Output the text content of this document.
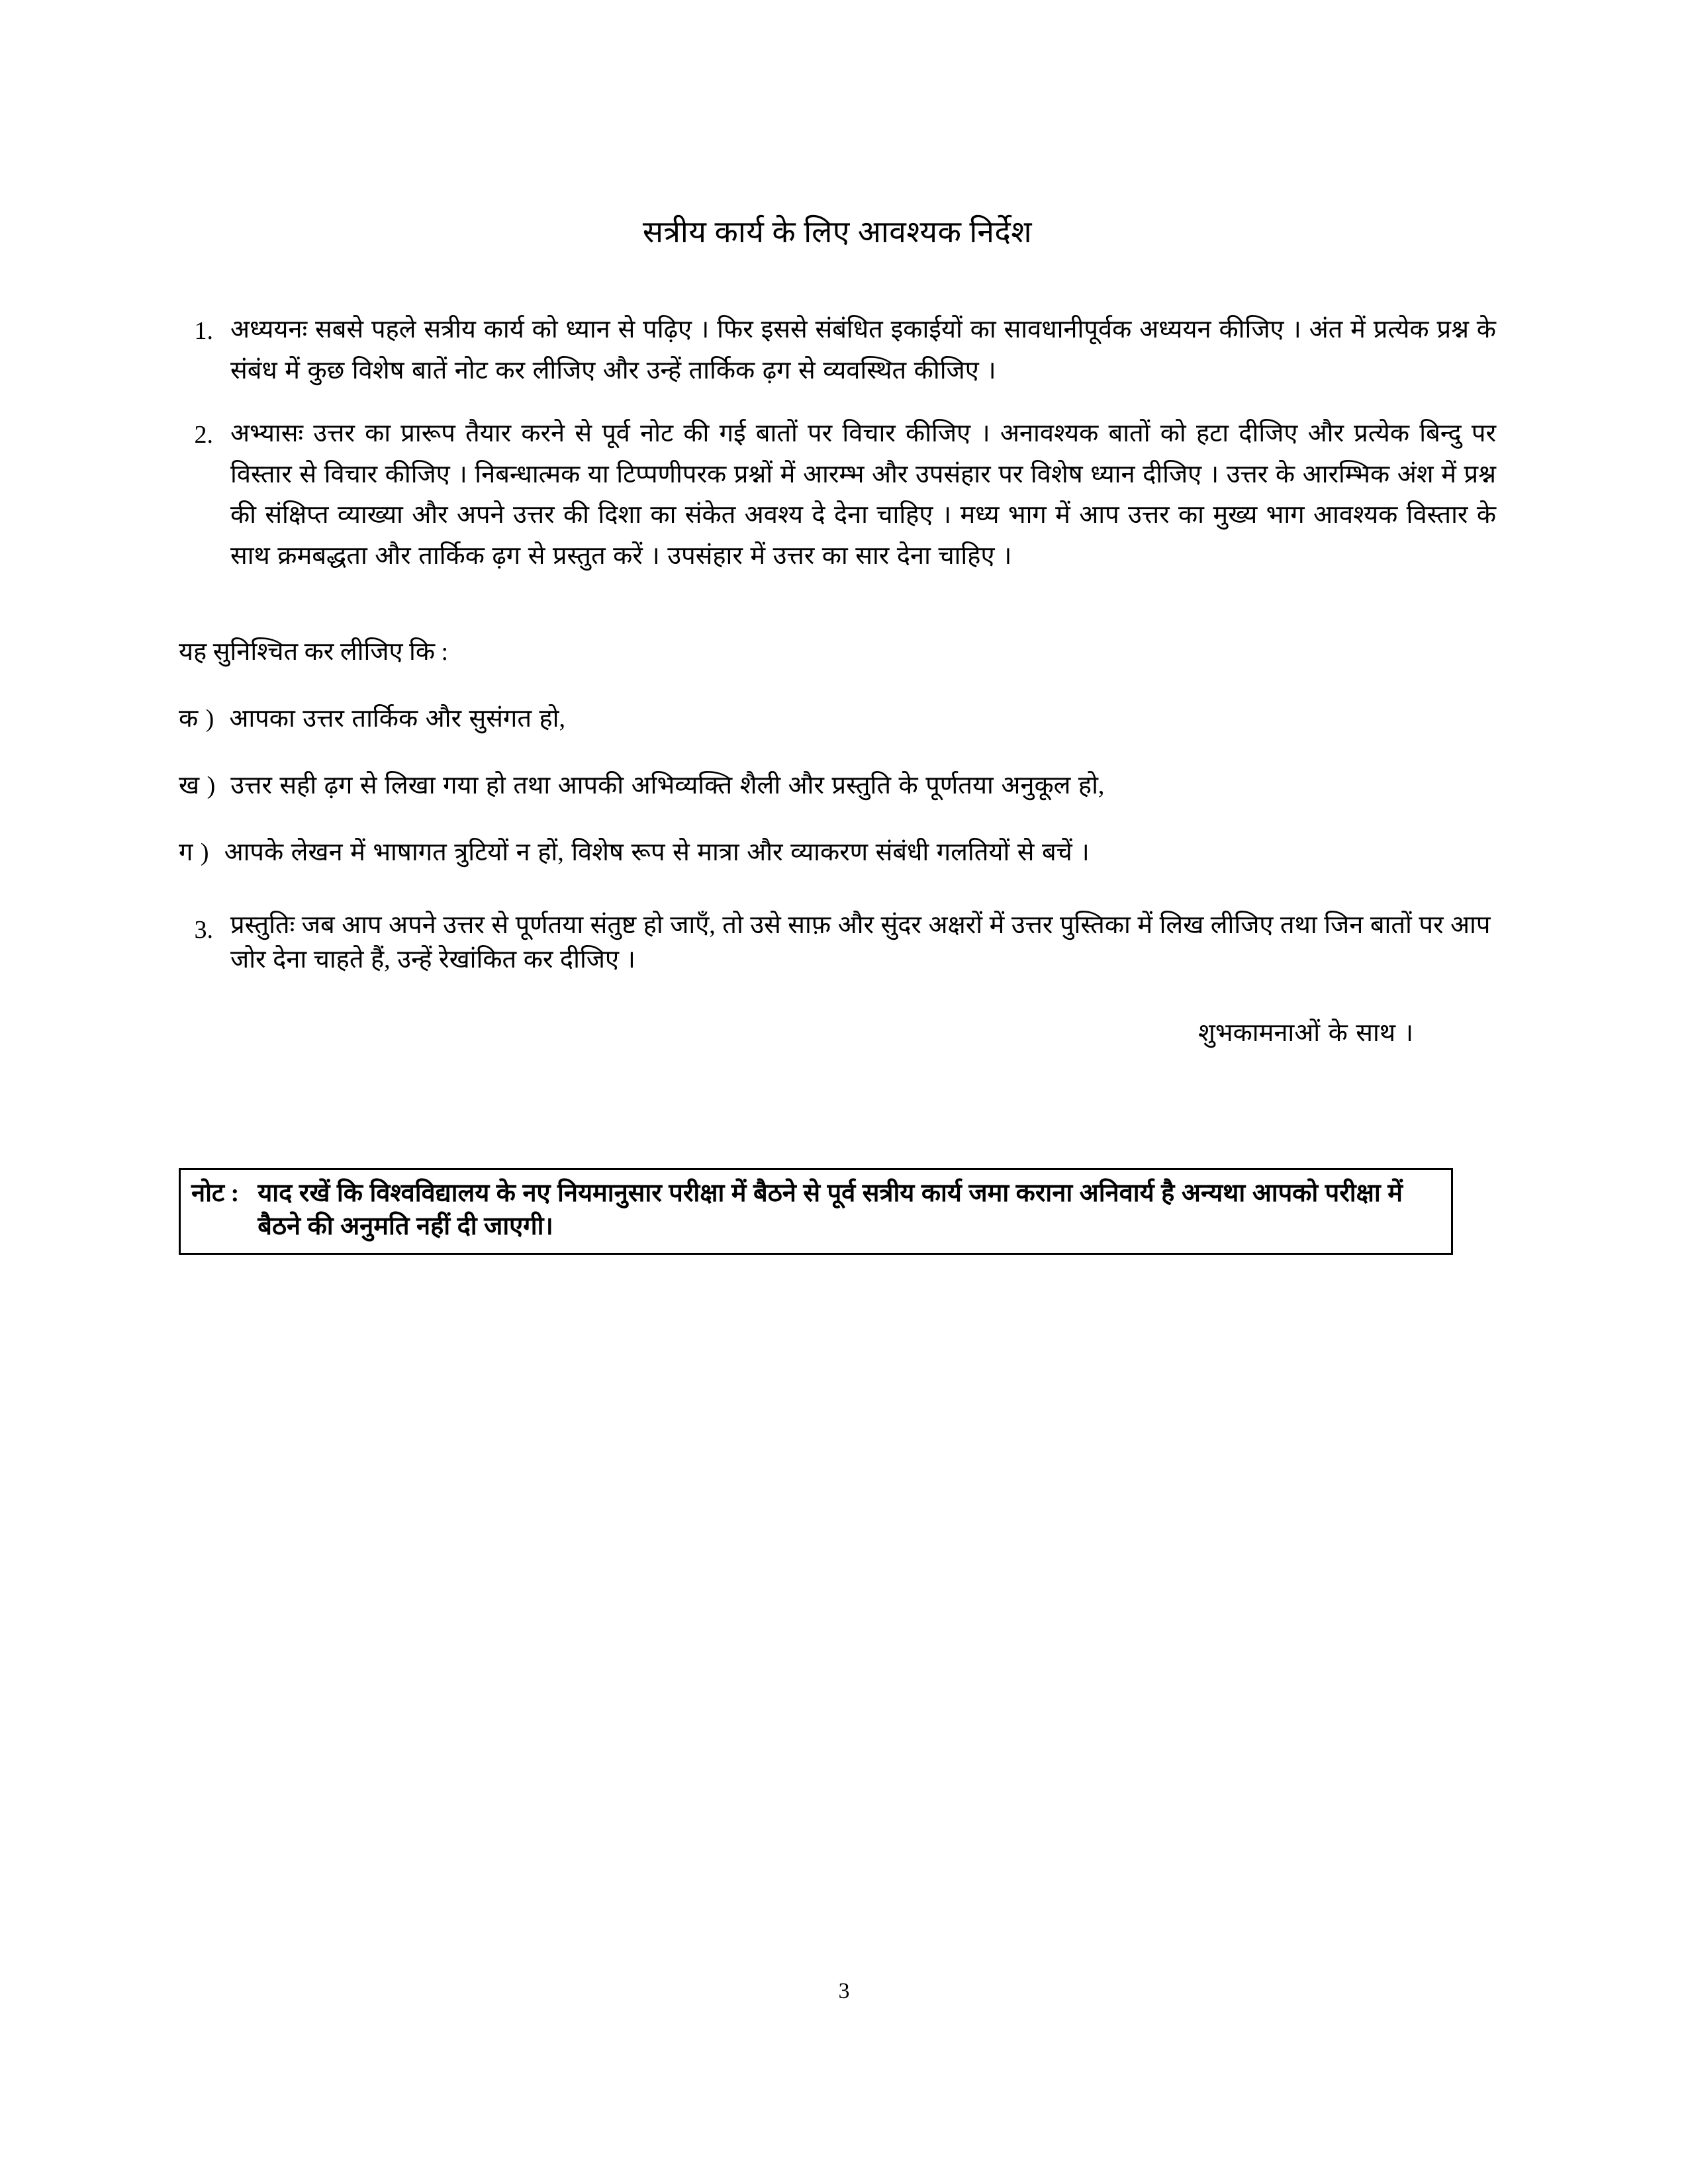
सत्रीय कार्य के लिए आवश्यक निर्देश
1. अध्ययनः सबसे पहले सत्रीय कार्य को ध्यान से पढ़िए । फिर इससे संबंधित इकाईयों का सावधानीपूर्वक अध्ययन कीजिए । अंत में प्रत्येक प्रश्न के संबंध में कुछ विशेष बातें नोट कर लीजिए और उन्हें तार्किक ढ़ग से व्यवस्थित कीजिए ।
2. अभ्यासः उत्तर का प्रारूप तैयार करने से पूर्व नोट की गई बातों पर विचार कीजिए । अनावश्यक बातों को हटा दीजिए और प्रत्येक बिन्दु पर विस्तार से विचार कीजिए । निबन्धात्मक या टिप्पणीपरक प्रश्नों में आरम्भ और उपसंहार पर विशेष ध्यान दीजिए । उत्तर के आरम्भिक अंश में प्रश्न की संक्षिप्त व्याख्या और अपने उत्तर की दिशा का संकेत अवश्य दे देना चाहिए । मध्य भाग में आप उत्तर का मुख्य भाग आवश्यक विस्तार के साथ क्रमबद्धता और तार्किक ढ़ग से प्रस्तुत करें । उपसंहार में उत्तर का सार देना चाहिए ।

यह सुनिश्चित कर लीजिए कि :

क ) आपका उत्तर तार्किक और सुसंगत हो,
ख ) उत्तर सही ढ़ग से लिखा गया हो तथा आपकी अभिव्यक्ति शैली और प्रस्तुति के पूर्णतया अनुकूल हो,
ग ) आपके लेखन में भाषागत त्रुटियों न हों, विशेष रूप से मात्रा और व्याकरण संबंधी गलतियों से बचें ।
3. प्रस्तुतिः जब आप अपने उत्तर से पूर्णतया संतुष्ट हो जाएँ, तो उसे साफ़ और सुंदर अक्षरों में उत्तर पुस्तिका में लिख लीजिए तथा जिन बातों पर आप जोर देना चाहते हैं, उन्हें रेखांकित कर दीजिए ।

शुभकामनाओं के साथ ।

नोट : याद रखें कि विश्वविद्यालय के नए नियमानुसार परीक्षा में बैठने से पूर्व सत्रीय कार्य जमा कराना अनिवार्य है अन्यथा आपको परीक्षा में बैठने की अनुमति नहीं दी जाएगी।
3
